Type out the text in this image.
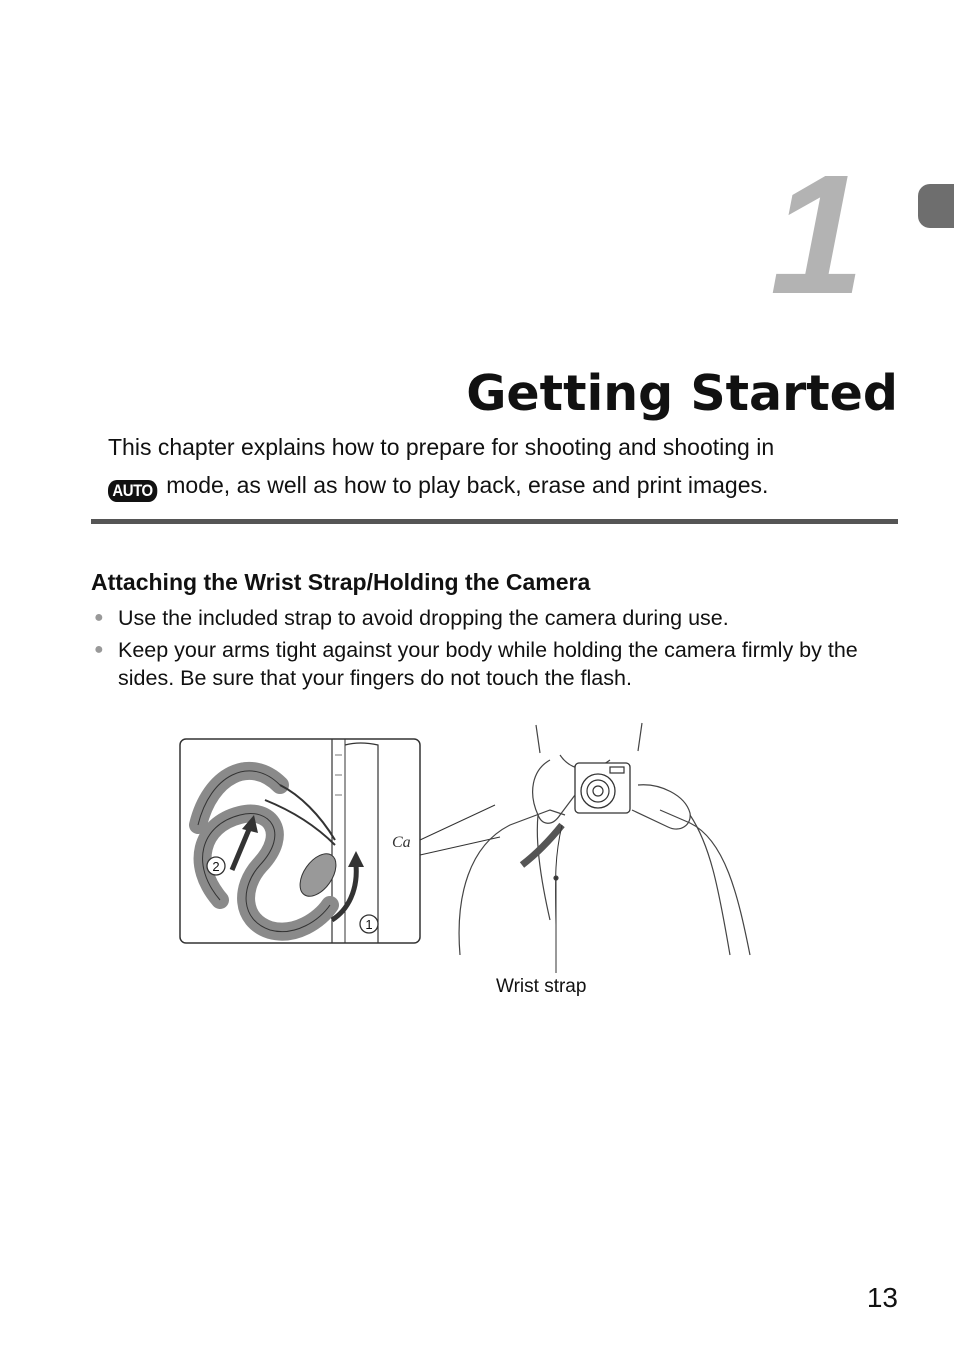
1
Getting Started

This chapter explains how to prepare for shooting and shooting in
AUTO mode, as well as how to play back, erase and print images.

Attaching the Wrist Strap/Holding the Camera
● Use the included strap to avoid dropping the camera during use.
● Keep your arms tight against your body while holding the camera firmly by the sides. Be sure that your fingers do not touch the flash.
Ca
2
1
Wrist strap
13
